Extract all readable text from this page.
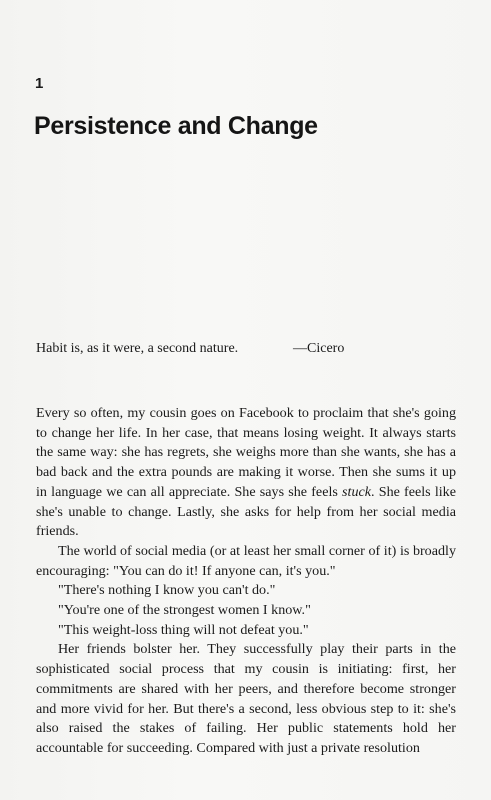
1
Persistence and Change
Habit is, as it were, a second nature.	—Cicero

Every so often, my cousin goes on Facebook to proclaim that she's going to change her life. In her case, that means losing weight. It always starts the same way: she has regrets, she weighs more than she wants, she has a bad back and the extra pounds are making it worse. Then she sums it up in language we can all appreciate. She says she feels stuck. She feels like she's unable to change. Lastly, she asks for help from her social media friends.

The world of social media (or at least her small corner of it) is broadly encouraging: "You can do it! If anyone can, it's you."

"There's nothing I know you can't do."

"You're one of the strongest women I know."

"This weight-loss thing will not defeat you."

Her friends bolster her. They successfully play their parts in the sophisticated social process that my cousin is initiating: first, her commitments are shared with her peers, and therefore become stronger and more vivid for her. But there's a second, less obvious step to it: she's also raised the stakes of failing. Her public statements hold her accountable for succeeding. Compared with just a private resolution
